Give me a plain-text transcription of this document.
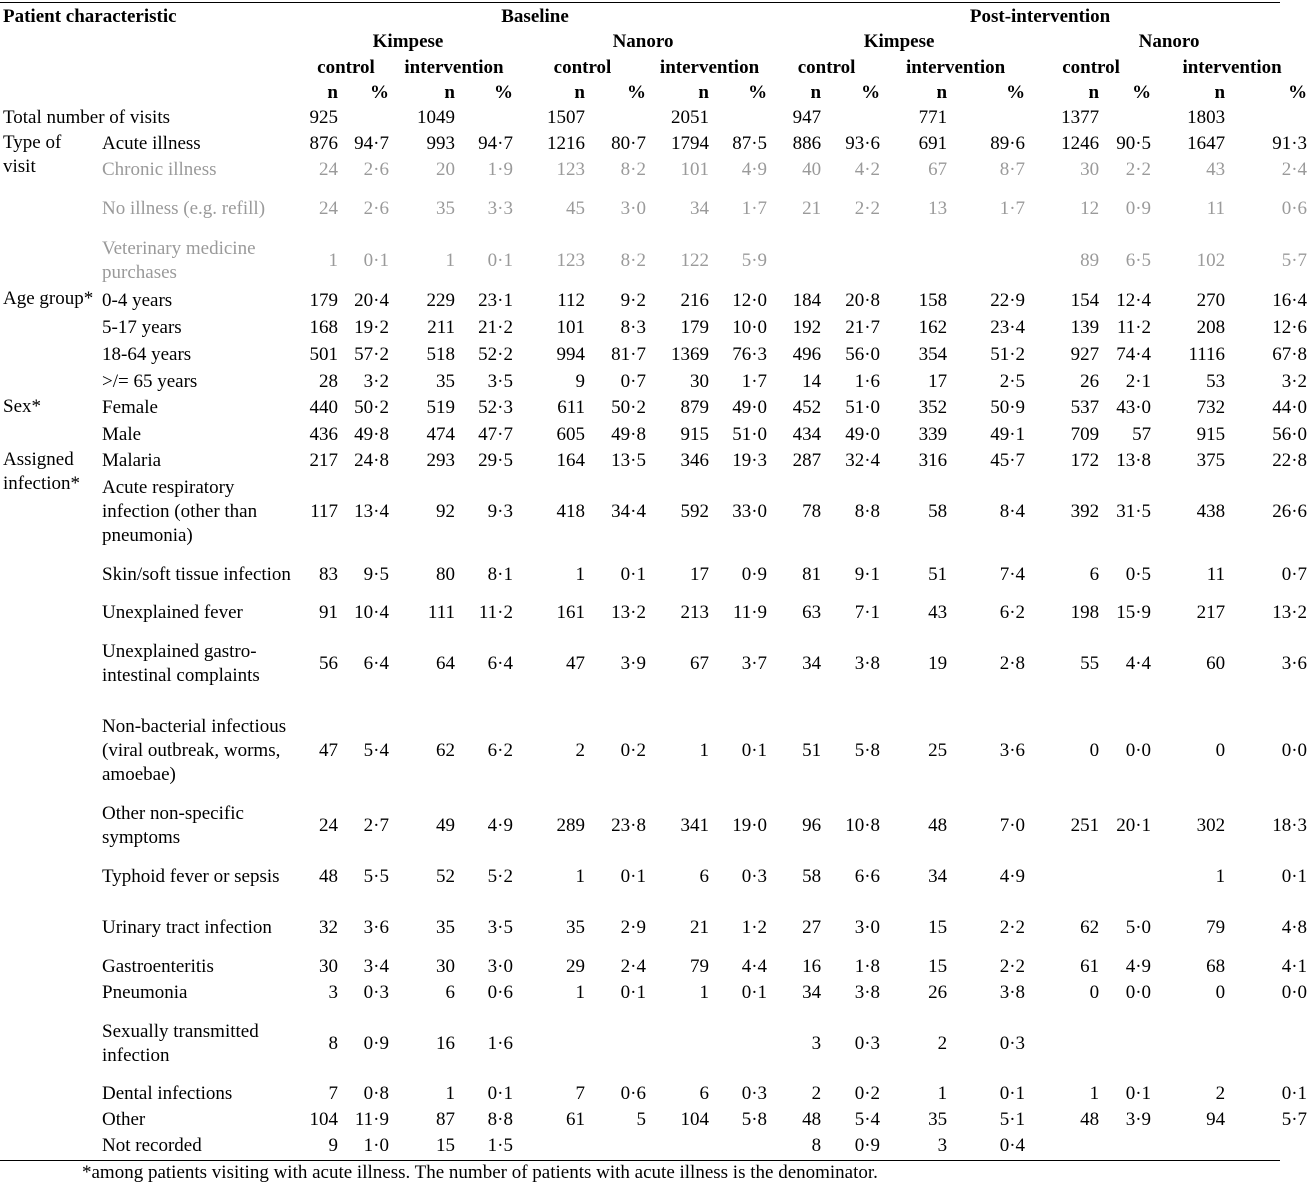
Patient characteristic		Baseline								Post-intervention							
		Kimpese				Nanoro				Kimpese				Nanoro			
		control		intervention		control		intervention		control		intervention		control		intervention	
		n	%	n	%	n	%	n	%	n	%	n	%	n	%	n	%
Total number of visits		925		1049		1507		2051		947		771		1377		1803	
Type of visit	Acute illness	876	94·7	993	94·7	1216	80·7	1794	87·5	886	93·6	691	89·6	1246	90·5	1647	91·3
	Chronic illness	24	2·6	20	1·9	123	8·2	101	4·9	40	4·2	67	8·7	30	2·2	43	2·4
	No illness (e.g. refill)	24	2·6	35	3·3	45	3·0	34	1·7	21	2·2	13	1·7	12	0·9	11	0·6
	Veterinary medicine purchases	1	0·1	1	0·1	123	8·2	122	5·9					89	6·5	102	5·7
Age group*	0-4 years	179	20·4	229	23·1	112	9·2	216	12·0	184	20·8	158	22·9	154	12·4	270	16·4
	5-17 years	168	19·2	211	21·2	101	8·3	179	10·0	192	21·7	162	23·4	139	11·2	208	12·6
	18-64 years	501	57·2	518	52·2	994	81·7	1369	76·3	496	56·0	354	51·2	927	74·4	1116	67·8
	>/= 65 years	28	3·2	35	3·5	9	0·7	30	1·7	14	1·6	17	2·5	26	2·1	53	3·2
Sex*	Female	440	50·2	519	52·3	611	50·2	879	49·0	452	51·0	352	50·9	537	43·0	732	44·0
	Male	436	49·8	474	47·7	605	49·8	915	51·0	434	49·0	339	49·1	709	57	915	56·0
Assigned infection*	Malaria	217	24·8	293	29·5	164	13·5	346	19·3	287	32·4	316	45·7	172	13·8	375	22·8
	Acute respiratory infection (other than pneumonia)	117	13·4	92	9·3	418	34·4	592	33·0	78	8·8	58	8·4	392	31·5	438	26·6
	Skin/soft tissue infection	83	9·5	80	8·1	1	0·1	17	0·9	81	9·1	51	7·4	6	0·5	11	0·7
	Unexplained fever	91	10·4	111	11·2	161	13·2	213	11·9	63	7·1	43	6·2	198	15·9	217	13·2
	Unexplained gastro-intestinal complaints	56	6·4	64	6·4	47	3·9	67	3·7	34	3·8	19	2·8	55	4·4	60	3·6
	Non-bacterial infectious (viral outbreak, worms, amoebae)	47	5·4	62	6·2	2	0·2	1	0·1	51	5·8	25	3·6	0	0·0	0	0·0
	Other non-specific symptoms	24	2·7	49	4·9	289	23·8	341	19·0	96	10·8	48	7·0	251	20·1	302	18·3
	Typhoid fever or sepsis	48	5·5	52	5·2	1	0·1	6	0·3	58	6·6	34	4·9			1	0·1
	Urinary tract infection	32	3·6	35	3·5	35	2·9	21	1·2	27	3·0	15	2·2	62	5·0	79	4·8
	Gastroenteritis	30	3·4	30	3·0	29	2·4	79	4·4	16	1·8	15	2·2	61	4·9	68	4·1
	Pneumonia	3	0·3	6	0·6	1	0·1	1	0·1	34	3·8	26	3·8	0	0·0	0	0·0
	Sexually transmitted infection	8	0·9	16	1·6					3	0·3	2	0·3				
	Dental infections	7	0·8	1	0·1	7	0·6	6	0·3	2	0·2	1	0·1	1	0·1	2	0·1
	Other	104	11·9	87	8·8	61	5	104	5·8	48	5·4	35	5·1	48	3·9	94	5·7
	Not recorded	9	1·0	15	1·5					8	0·9	3	0·4				
*among patients visiting with acute illness. The number of patients with acute illness is the denominator.
